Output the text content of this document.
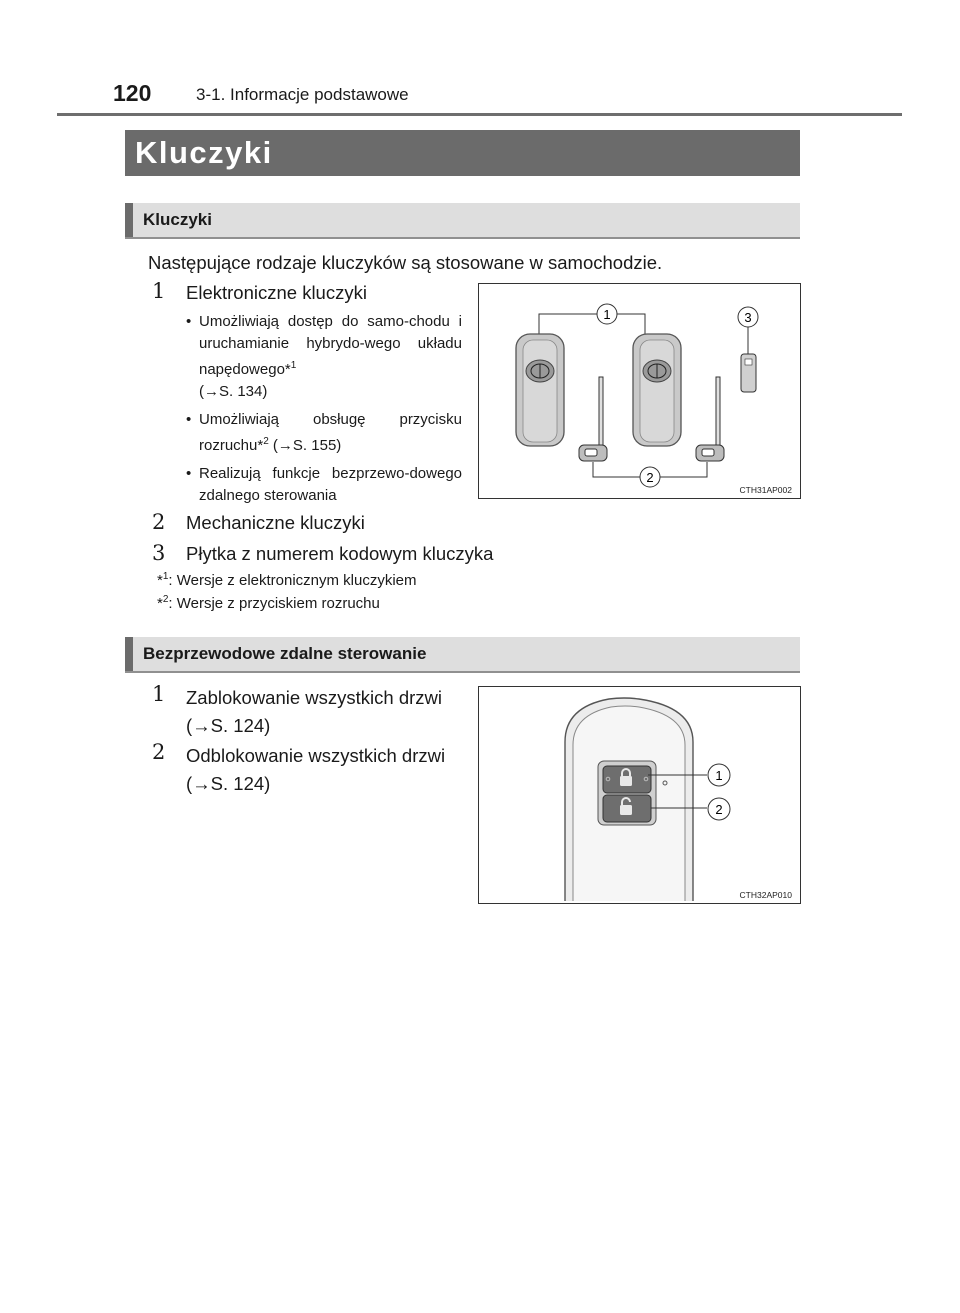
120	3-1. Informacje podstawowe
Kluczyki
Kluczyki
Następujące rodzaje kluczyków są stosowane w samochodzie.
1 Elektroniczne kluczyki
• Umożliwiają dostęp do samo-chodu i uruchamianie hybrydo-wego układu napędowego*$^1$
(→S. 134)
• Umożliwiają obsługę przycisku rozruchu*$^2$ (→S. 155)
• Realizują funkcje bezprzewo-dowego zdalnego sterowania
1
2
3
CTH31AP002
2 Mechaniczne kluczyki
3 Płytka z numerem kodowym kluczyka
*$^1$: Wersje z elektronicznym kluczykiem
*$^2$: Wersje z przyciskiem rozruchu
Bezprzewodowe zdalne sterowanie
1 Zablokowanie wszystkich drzwi
(→S. 124)
2 Odblokowanie wszystkich drzwi
(→S. 124)	1
2
CTH32AP010
